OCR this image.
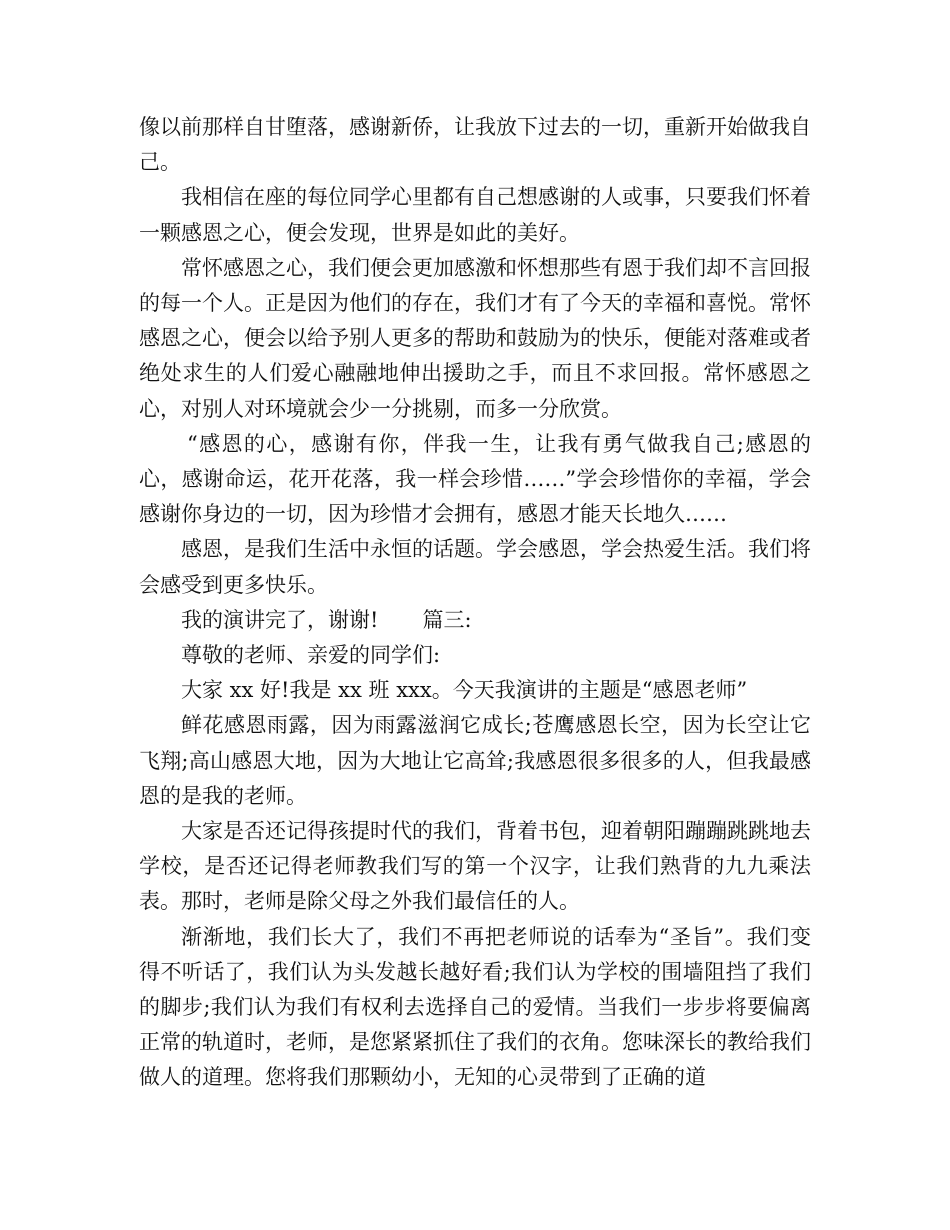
像以前那样自甘堕落，感谢新侨，让我放下过去的一切，重新开始做我自己。

我相信在座的每位同学心里都有自己想感谢的人或事，只要我们怀着一颗感恩之心，便会发现，世界是如此的美好。

常怀感恩之心，我们便会更加感激和怀想那些有恩于我们却不言回报的每一个人。正是因为他们的存在，我们才有了今天的幸福和喜悦。常怀感恩之心，便会以给予别人更多的帮助和鼓励为的快乐，便能对落难或者绝处求生的人们爱心融融地伸出援助之手，而且不求回报。常怀感恩之心，对别人对环境就会少一分挑剔，而多一分欣赏。

“感恩的心，感谢有你，伴我一生，让我有勇气做我自己;感恩的心，感谢命运，花开花落，我一样会珍惜……”学会珍惜你的幸福，学会感谢你身边的一切，因为珍惜才会拥有，感恩才能天长地久……

感恩，是我们生活中永恒的话题。学会感恩，学会热爱生活。我们将会感受到更多快乐。

我的演讲完了，谢谢! 篇三:

尊敬的老师、亲爱的同学们:

大家 xx 好!我是 xx 班 xxx。今天我演讲的主题是“感恩老师”

鲜花感恩雨露，因为雨露滋润它成长;苍鹰感恩长空，因为长空让它飞翔;高山感恩大地，因为大地让它高耸;我感恩很多很多的人，但我最感恩的是我的老师。

大家是否还记得孩提时代的我们，背着书包，迎着朝阳蹦蹦跳跳地去学校，是否还记得老师教我们写的第一个汉字，让我们熟背的九九乘法表。那时，老师是除父母之外我们最信任的人。

渐渐地，我们长大了，我们不再把老师说的话奉为“圣旨”。我们变得不听话了，我们认为头发越长越好看;我们认为学校的围墙阻挡了我们的脚步;我们认为我们有权利去选择自己的爱情。当我们一步步将要偏离正常的轨道时，老师，是您紧紧抓住了我们的衣角。您味深长的教给我们做人的道理。您将我们那颗幼小，无知的心灵带到了正确的道
